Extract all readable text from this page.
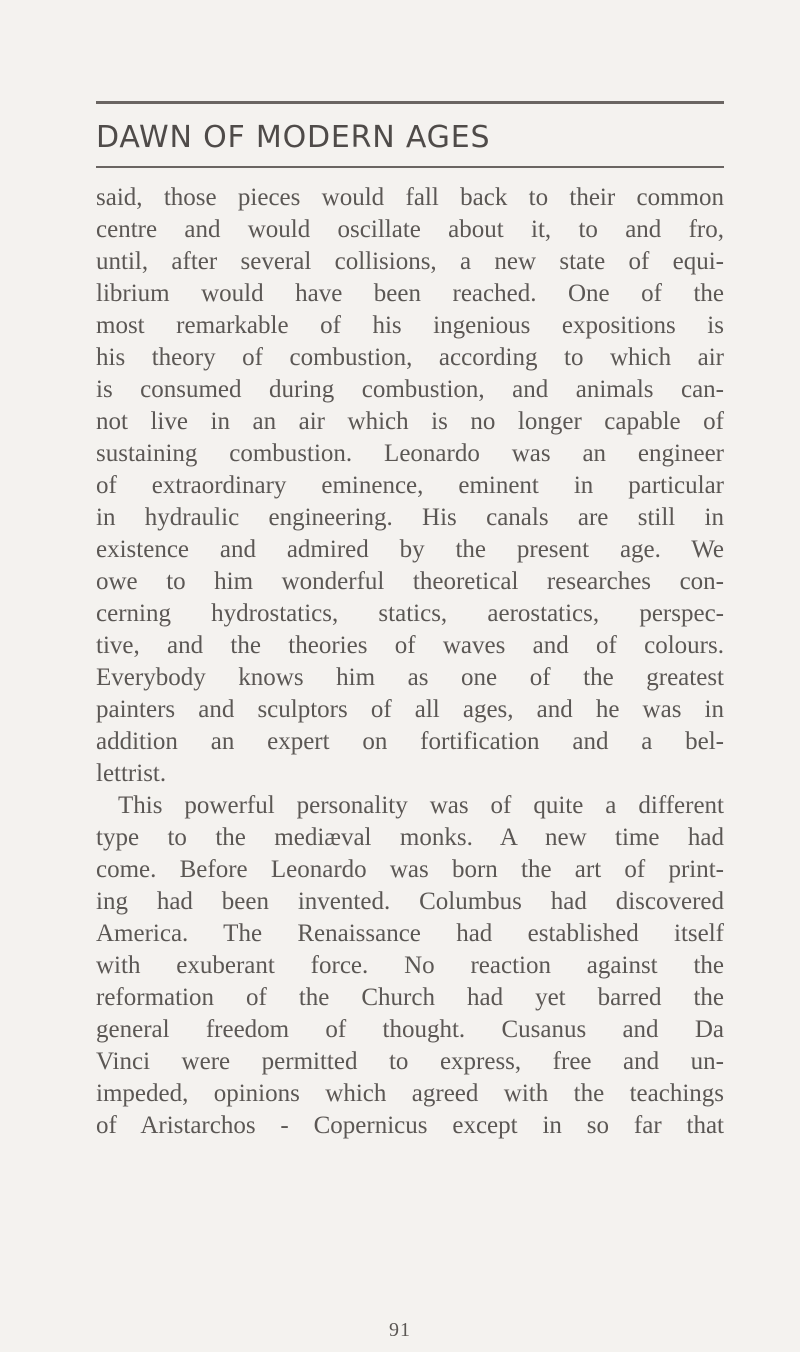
DAWN OF MODERN AGES

said, those pieces would fall back to their common
centre and would oscillate about it, to and fro,
until, after several collisions, a new state of equi-
librium would have been reached. One of the
most remarkable of his ingenious expositions is
his theory of combustion, according to which air
is consumed during combustion, and animals can-
not live in an air which is no longer capable of
sustaining combustion. Leonardo was an engineer
of extraordinary eminence, eminent in particular
in hydraulic engineering. His canals are still in
existence and admired by the present age. We
owe to him wonderful theoretical researches con-
cerning hydrostatics, statics, aerostatics, perspec-
tive, and the theories of waves and of colours.
Everybody knows him as one of the greatest
painters and sculptors of all ages, and he was in
addition an expert on fortification and a bel-
lettrist.

This powerful personality was of quite a different
type to the mediæval monks. A new time had
come. Before Leonardo was born the art of print-
ing had been invented. Columbus had discovered
America. The Renaissance had established itself
with exuberant force. No reaction against the
reformation of the Church had yet barred the
general freedom of thought. Cusanus and Da
Vinci were permitted to express, free and un-
impeded, opinions which agreed with the teachings
of Aristarchos - Copernicus except in so far that

91
